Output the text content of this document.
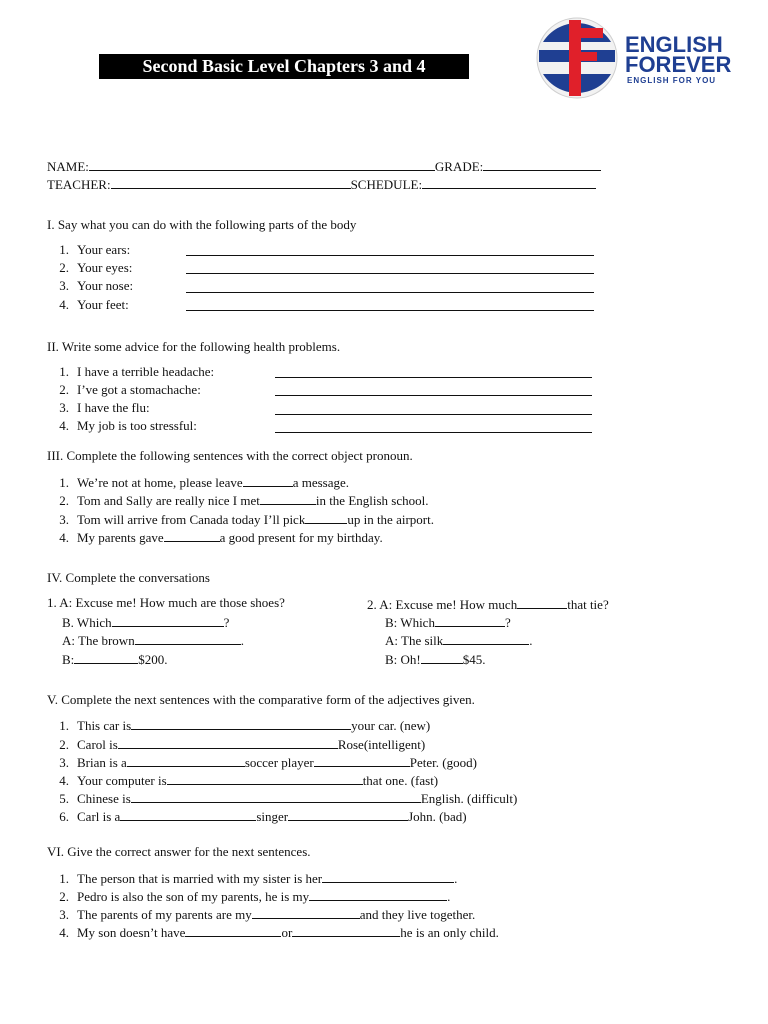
Second Basic Level Chapters 3 and 4
ENGLISH
FOREVER
ENGLISH FOR YOU
NAME:	GRADE:
TEACHER:	SCHEDULE:
I. Say what you can do with the following parts of the body
1. Your ears:
2. Your eyes:
3. Your nose:
4. Your feet:
II. Write some advice for the following health problems.
1. I have a terrible headache:
2. I’ve got a stomachache:
3. I have the flu:
4. My job is too stressful:
III. Complete the following sentences with the correct object pronoun.
1. We’re not at home, please leave	a message.
2. Tom and Sally are really nice I met	in the English school.
3. Tom will arrive from Canada today I’ll pick	up in the airport.
4. My parents gave	a good present for my birthday.
IV. Complete the conversations
1. A: Excuse me! How much are those shoes?
B. Which	?
A: The brown	.
B:	$200.
2. A: Excuse me! How much	that tie?
B: Which	?
A: The silk	.
B: Oh!	$45.
V. Complete the next sentences with the comparative form of the adjectives given.
1. This car is	your car. (new)
2. Carol is	Rose(intelligent)
3. Brian is a	soccer player	Peter. (good)
4. Your computer is	that one. (fast)
5. Chinese is	English. (difficult)
6. Carl is a	singer	John. (bad)
VI. Give the correct answer for the next sentences.
1. The person that is married with my sister is her	.
2. Pedro is also the son of my parents, he is my	.
3. The parents of my parents are my	and they live together.
4. My son doesn’t have	or	he is an only child.
